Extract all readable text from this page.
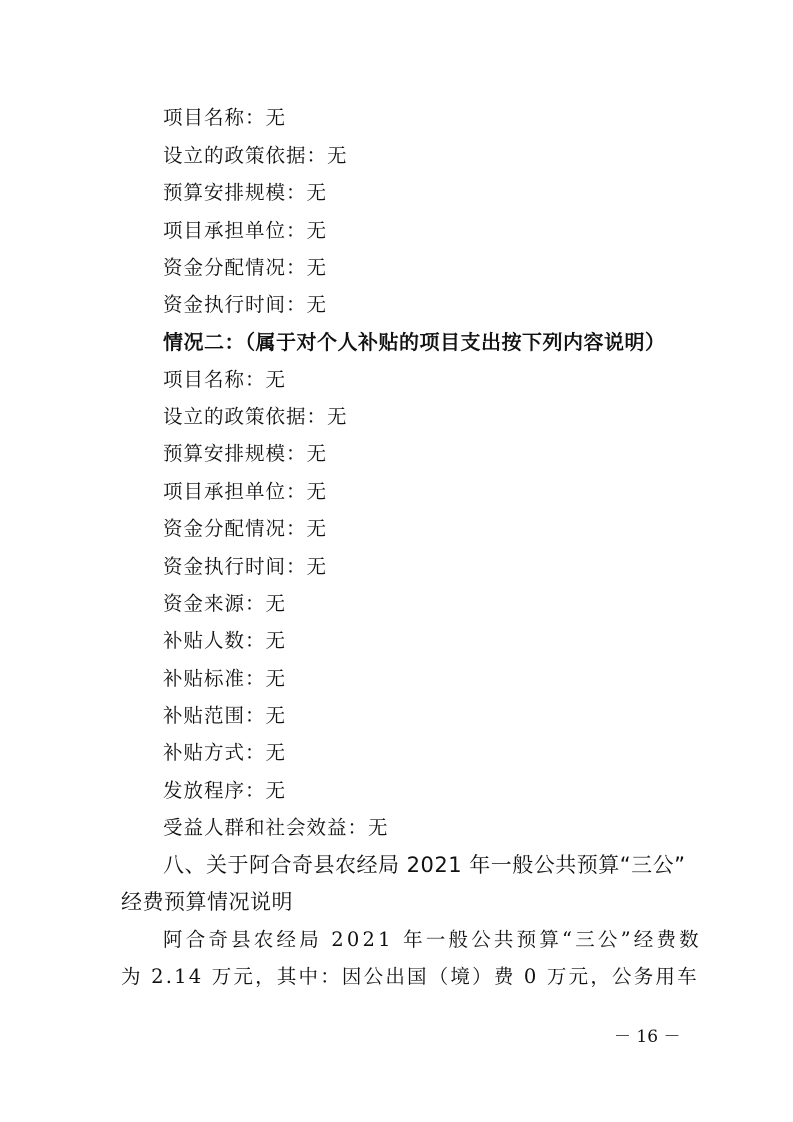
项目名称：无
设立的政策依据：无
预算安排规模：无
项目承担单位：无
资金分配情况：无
资金执行时间：无
情况二：（属于对个人补贴的项目支出按下列内容说明）
项目名称：无
设立的政策依据：无
预算安排规模：无
项目承担单位：无
资金分配情况：无
资金执行时间：无
资金来源：无
补贴人数：无
补贴标准：无
补贴范围：无
补贴方式：无
发放程序：无
受益人群和社会效益：无
八、关于阿合奇县农经局 2021 年一般公共预算“三公”
经费预算情况说明
阿合奇县农经局 2021 年一般公共预算“三公”经费数
为 2.14 万元，其中：因公出国（境）费 0 万元，公务用车
－ 16 －
